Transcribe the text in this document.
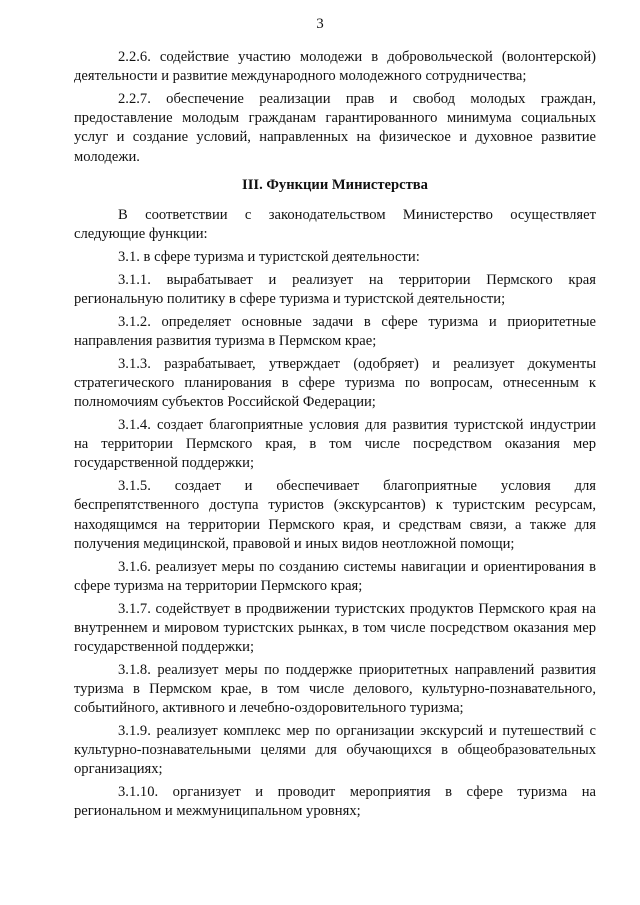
3

2.2.6. содействие участию молодежи в добровольческой (волонтерской) деятельности и развитие международного молодежного сотрудничества;

2.2.7. обеспечение реализации прав и свобод молодых граждан, предоставление молодым гражданам гарантированного минимума социальных услуг и создание условий, направленных на физическое и духовное развитие молодежи.

III. Функции Министерства

В соответствии с законодательством Министерство осуществляет следующие функции:

3.1. в сфере туризма и туристской деятельности:

3.1.1. вырабатывает и реализует на территории Пермского края региональную политику в сфере туризма и туристской деятельности;

3.1.2. определяет основные задачи в сфере туризма и приоритетные направления развития туризма в Пермском крае;

3.1.3. разрабатывает, утверждает (одобряет) и реализует документы стратегического планирования в сфере туризма по вопросам, отнесенным к полномочиям субъектов Российской Федерации;

3.1.4. создает благоприятные условия для развития туристской индустрии на территории Пермского края, в том числе посредством оказания мер государственной поддержки;

3.1.5. создает и обеспечивает благоприятные условия для беспрепятственного доступа туристов (экскурсантов) к туристским ресурсам, находящимся на территории Пермского края, и средствам связи, а также для получения медицинской, правовой и иных видов неотложной помощи;

3.1.6. реализует меры по созданию системы навигации и ориентирования в сфере туризма на территории Пермского края;

3.1.7. содействует в продвижении туристских продуктов Пермского края на внутреннем и мировом туристских рынках, в том числе посредством оказания мер государственной поддержки;

3.1.8. реализует меры по поддержке приоритетных направлений развития туризма в Пермском крае, в том числе делового, культурно-познавательного, событийного, активного и лечебно-оздоровительного туризма;

3.1.9. реализует комплекс мер по организации экскурсий и путешествий с культурно-познавательными целями для обучающихся в общеобразовательных организациях;

3.1.10. организует и проводит мероприятия в сфере туризма на региональном и межмуниципальном уровнях;
